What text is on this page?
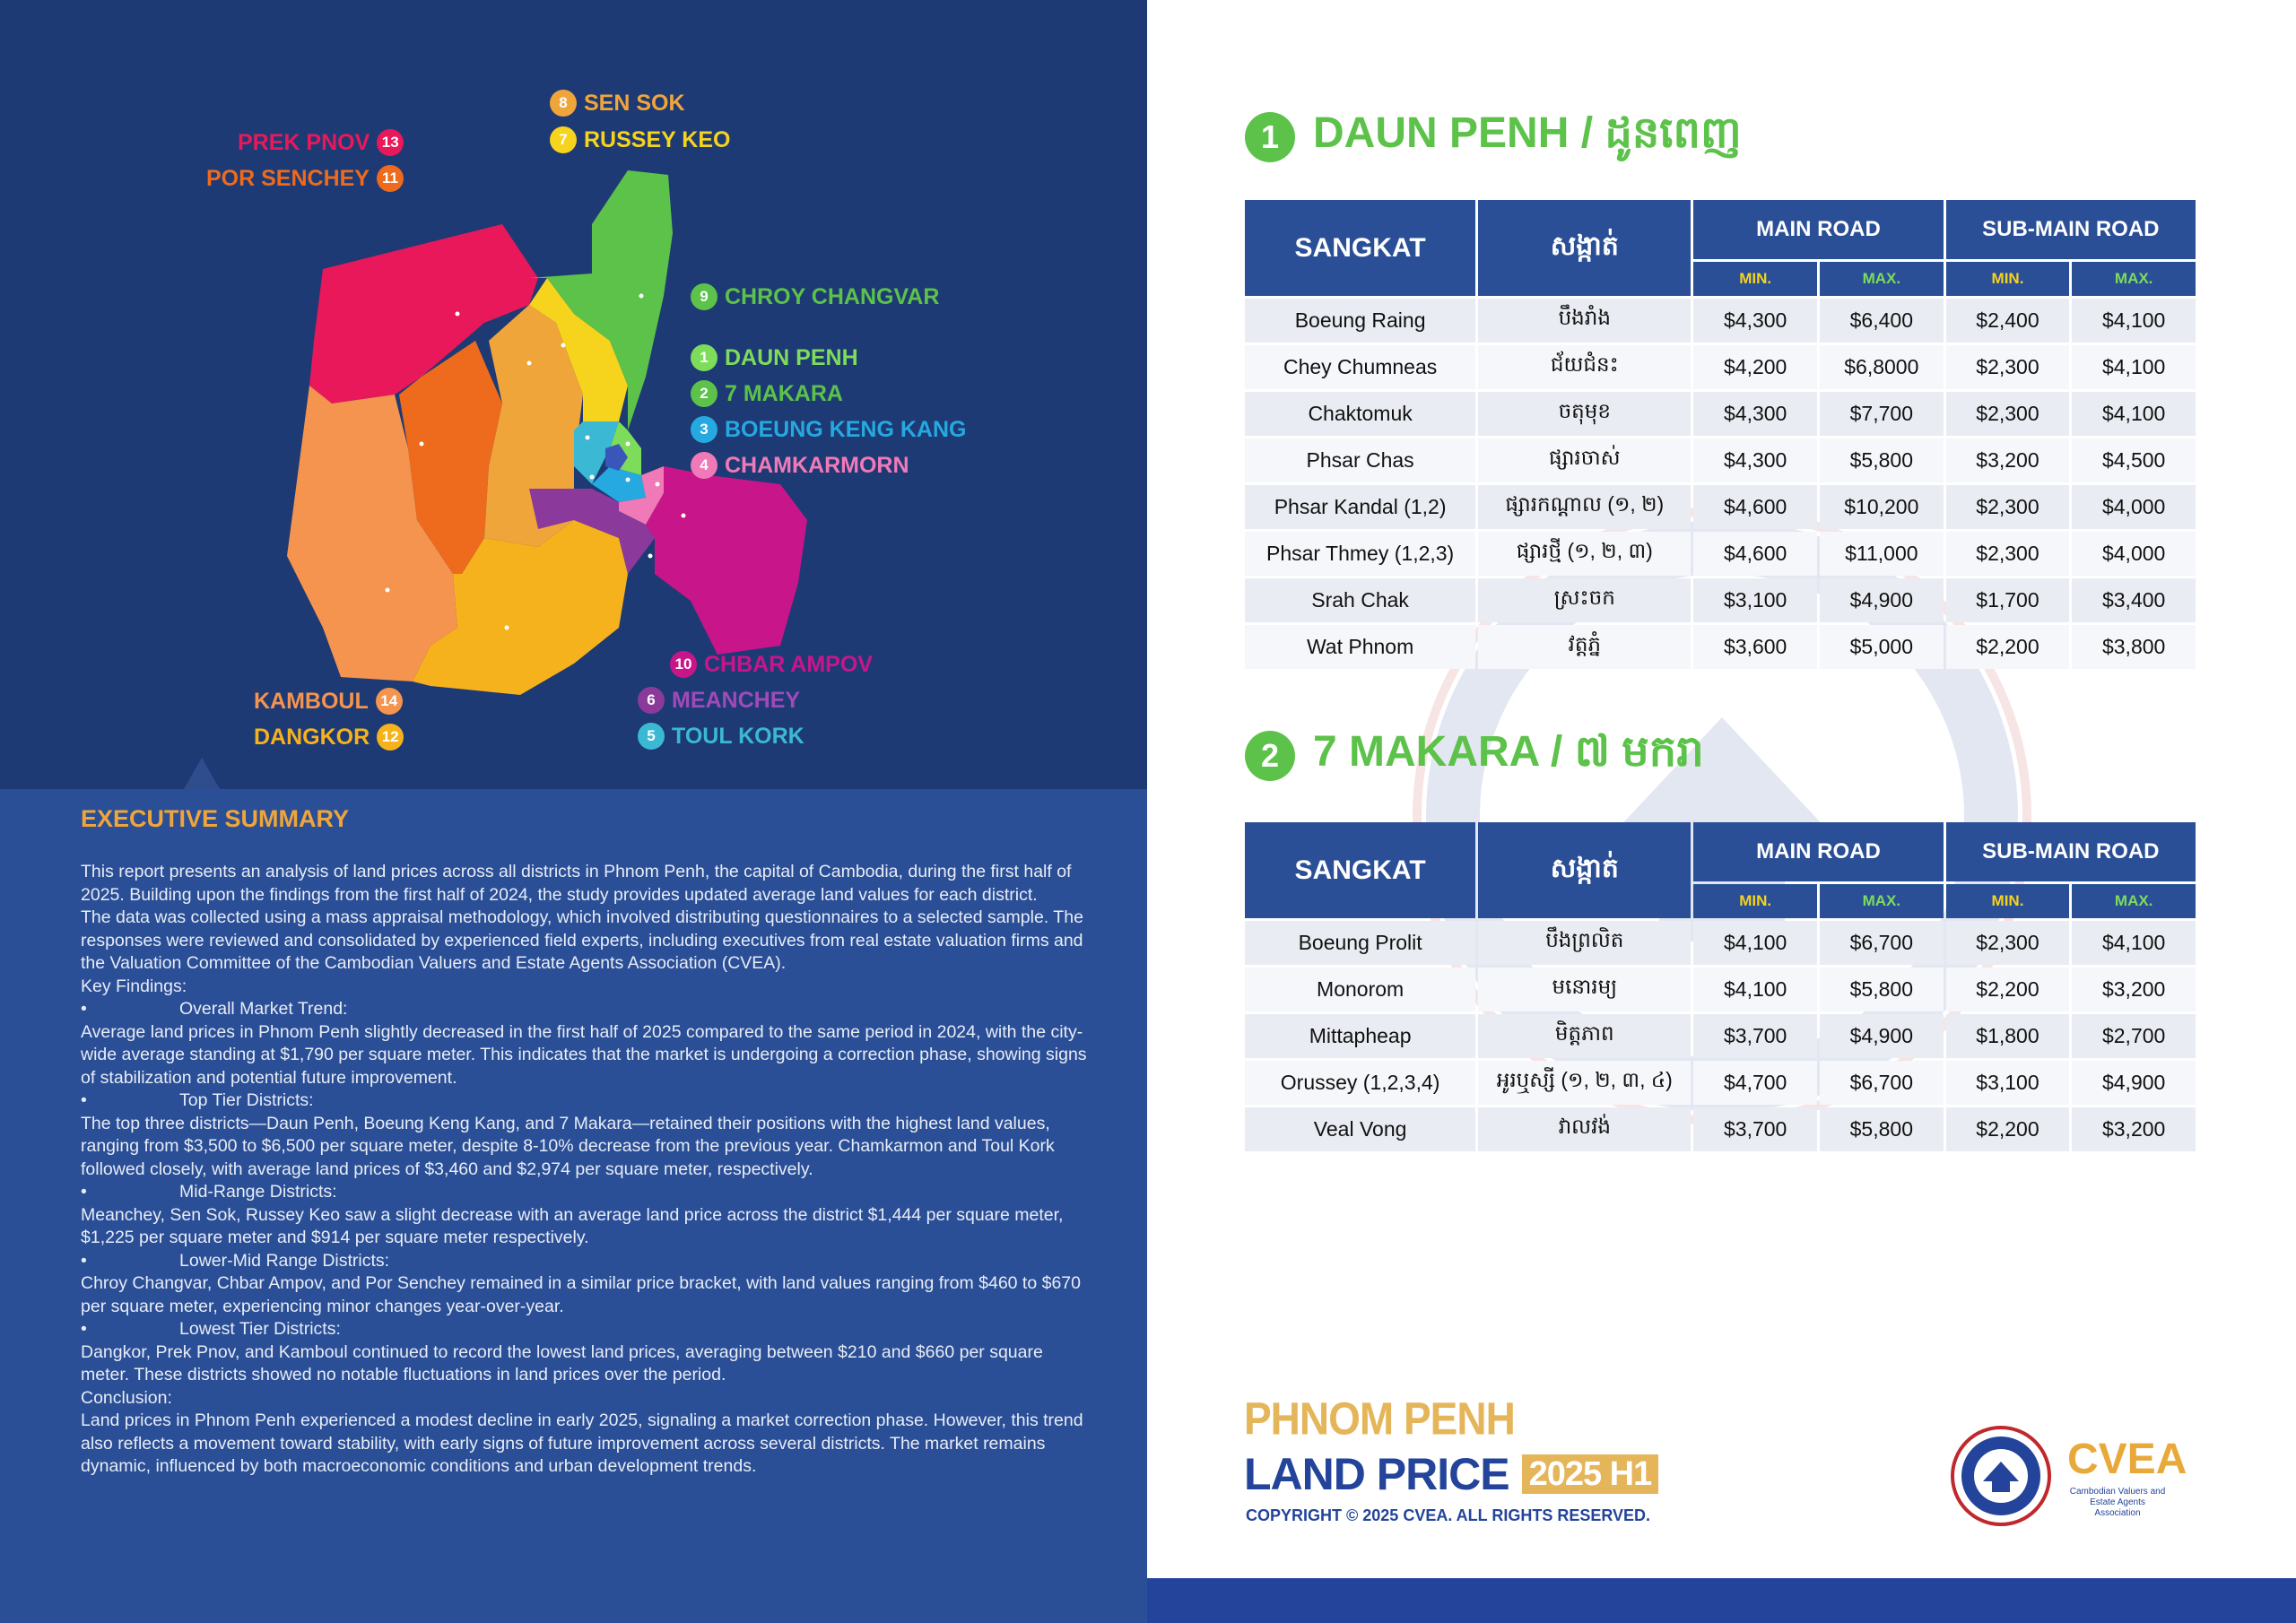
8 SEN SOK
7 RUSSEY KEO
PREK PNOV 13
POR SENCHEY 11
9 CHROY CHANGVAR
1 DAUN PENH
2 7 MAKARA
3 BOEUNG KENG KANG
4 CHAMKARMORN
10 CHBAR AMPOV
6 MEANCHEY
5 TOUL KORK
KAMBOUL 14
DANGKOR 12
EXECUTIVE SUMMARY

This report presents an analysis of land prices across all districts in Phnom Penh, the capital of Cambodia, during the first half of 2025. Building upon the findings from the first half of 2024, the study provides updated average land values for each district.

The data was collected using a mass appraisal methodology, which involved distributing questionnaires to a selected sample. The responses were reviewed and consolidated by experienced field experts, including executives from real estate valuation firms and the Valuation Committee of the Cambodian Valuers and Estate Agents Association (CVEA).

Key Findings:

•	Overall Market Trend:

Average land prices in Phnom Penh slightly decreased in the first half of 2025 compared to the same period in 2024, with the city-wide average standing at $1,790 per square meter. This indicates that the market is undergoing a correction phase, showing signs of stabilization and potential future improvement.

•	Top Tier Districts:

The top three districts—Daun Penh, Boeung Keng Kang, and 7 Makara—retained their positions with the highest land values, ranging from $3,500 to $6,500 per square meter, despite 8-10% decrease from the previous year. Chamkarmon and Toul Kork followed closely, with average land prices of $3,460 and $2,974 per square meter, respectively.

•	Mid-Range Districts:

Meanchey, Sen Sok, Russey Keo saw a slight decrease with an average land price across the district $1,444 per square meter, $1,225 per square meter and $914 per square meter respectively.

•	Lower-Mid Range Districts:

Chroy Changvar, Chbar Ampov, and Por Senchey remained in a similar price bracket, with land values ranging from $460 to $670 per square meter, experiencing minor changes year-over-year.

•	Lowest Tier Districts:

Dangkor, Prek Pnov, and Kamboul continued to record the lowest land prices, averaging between $210 and $660 per square meter. These districts showed no notable fluctuations in land prices over the period.

Conclusion:

Land prices in Phnom Penh experienced a modest decline in early 2025, signaling a market correction phase. However, this trend also reflects a movement toward stability, with early signs of future improvement across several districts. The market remains dynamic, influenced by both macroeconomic conditions and urban development trends.

1 DAUN PENH / ដូនពេញ
SANGKAT	សង្កាត់	MAIN ROAD		SUB-MAIN ROAD	
		MIN.	MAX.	MIN.	MAX.
Boeung Raing	បឹងរាំង	$4,300	$6,400	$2,400	$4,100
Chey Chumneas	ជ័យជំនះ	$4,200	$6,8000	$2,300	$4,100
Chaktomuk	ចតុមុខ	$4,300	$7,700	$2,300	$4,100
Phsar Chas	ផ្សារចាស់	$4,300	$5,800	$3,200	$4,500
Phsar Kandal (1,2)	ផ្សារកណ្តាល (១, ២)	$4,600	$10,200	$2,300	$4,000
Phsar Thmey (1,2,3)	ផ្សារថ្មី (១, ២, ៣)	$4,600	$11,000	$2,300	$4,000
Srah Chak	ស្រះចក	$3,100	$4,900	$1,700	$3,400
Wat Phnom	វត្តភ្នំ	$3,600	$5,000	$2,200	$3,800
2 7 MAKARA / ៧ មករា
SANGKAT	សង្កាត់	MAIN ROAD		SUB-MAIN ROAD	
		MIN.	MAX.	MIN.	MAX.
Boeung Prolit	បឹងព្រលិត	$4,100	$6,700	$2,300	$4,100
Monorom	មនោរម្យ	$4,100	$5,800	$2,200	$3,200
Mittapheap	មិត្តភាព	$3,700	$4,900	$1,800	$2,700
Orussey (1,2,3,4)	អូរឬស្សី (១, ២, ៣, ៤)	$4,700	$6,700	$3,100	$4,900
Veal Vong	វាលវង់	$3,700	$5,800	$2,200	$3,200
PHNOM PENH
LAND PRICE 2025 H1
COPYRIGHT © 2025 CVEA. ALL RIGHTS RESERVED.
CVEA
Cambodian Valuers and Estate Agents Association
